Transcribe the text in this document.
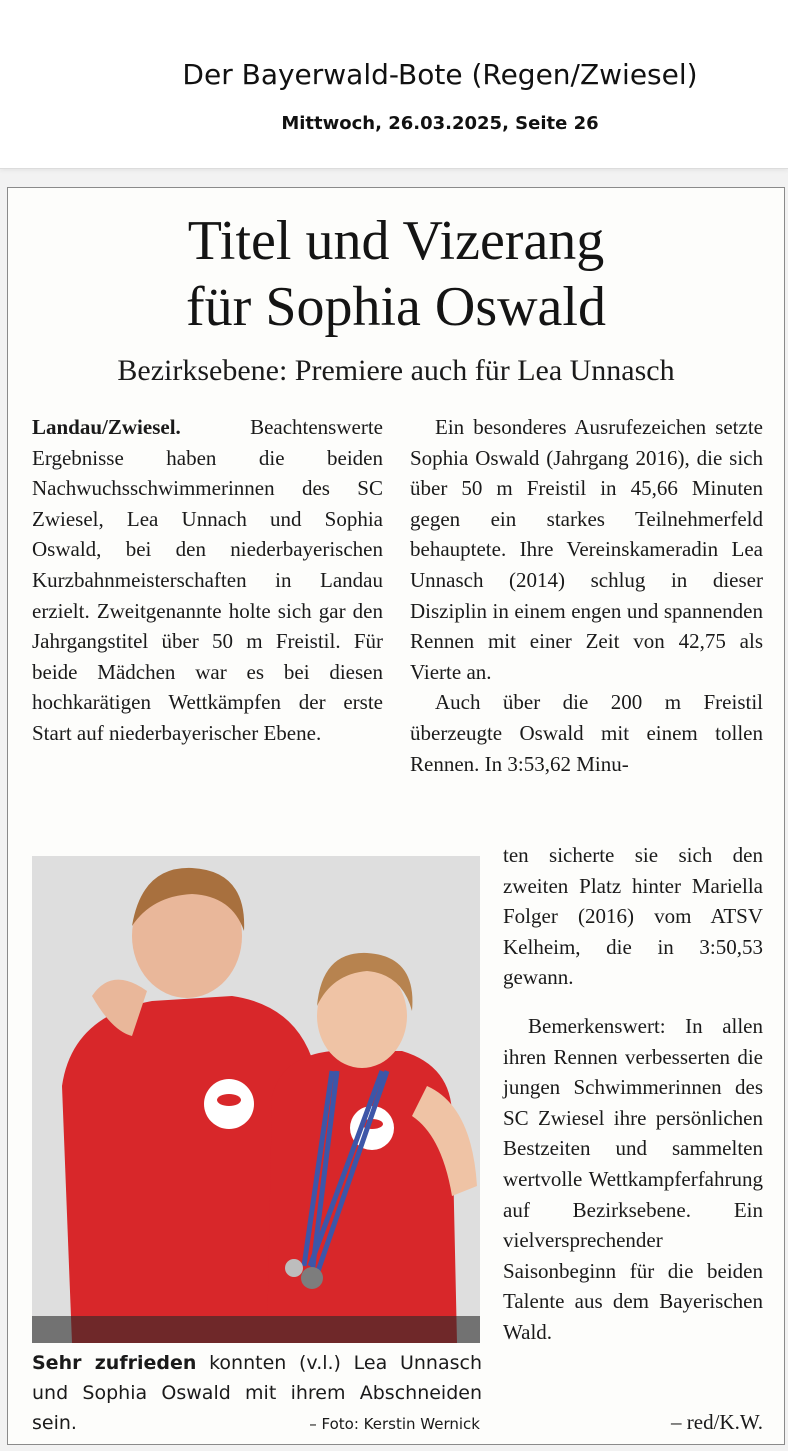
Der Bayerwald-Bote (Regen/Zwiesel)
Mittwoch, 26.03.2025, Seite 26
Titel und Vizerang
für Sophia Oswald
Bezirksebene: Premiere auch für Lea Unnasch

Landau/Zwiesel.	Beachtenswerte Ergebnisse haben die beiden Nachwuchsschwimmerinnen des SC Zwiesel, Lea Unnach und Sophia Oswald, bei den niederbayerischen Kurzbahnmeisterschaften in Landau erzielt. Zweitgenannte holte sich gar den Jahrgangstitel über 50 m Freistil. Für beide Mädchen war es bei diesen hochkarätigen Wettkämpfen der erste Start auf niederbayerischer Ebene.

Ein besonderes Ausrufezeichen setzte Sophia Oswald (Jahrgang 2016), die sich über 50 m Freistil in 45,66 Minuten gegen ein starkes Teilnehmerfeld behauptete. Ihre Vereinskameradin Lea Unnasch (2014) schlug in dieser Disziplin in einem engen und spannenden Rennen mit einer Zeit von 42,75 als Vierte an.

Auch über die 200 m Freistil überzeugte Oswald mit einem tollen Rennen. In 3:53,62 Minu-

ten sicherte sie sich den zweiten Platz hinter Mariella Folger (2016) vom ATSV Kelheim, die in 3:50,53 gewann.

Bemerkenswert: In allen ihren Rennen verbesserten die jungen Schwimmerinnen des SC Zwiesel ihre persönlichen Bestzeiten und sammelten wertvolle Wettkampferfahrung auf Bezirksebene. Ein vielversprechender Saisonbeginn für die beiden Talente aus dem Bayerischen Wald.

Sehr zufrieden konnten (v.l.) Lea Unnasch und Sophia Oswald mit ihrem Abschneiden sein.	– Foto: Kerstin Wernick	– red/K.W.
